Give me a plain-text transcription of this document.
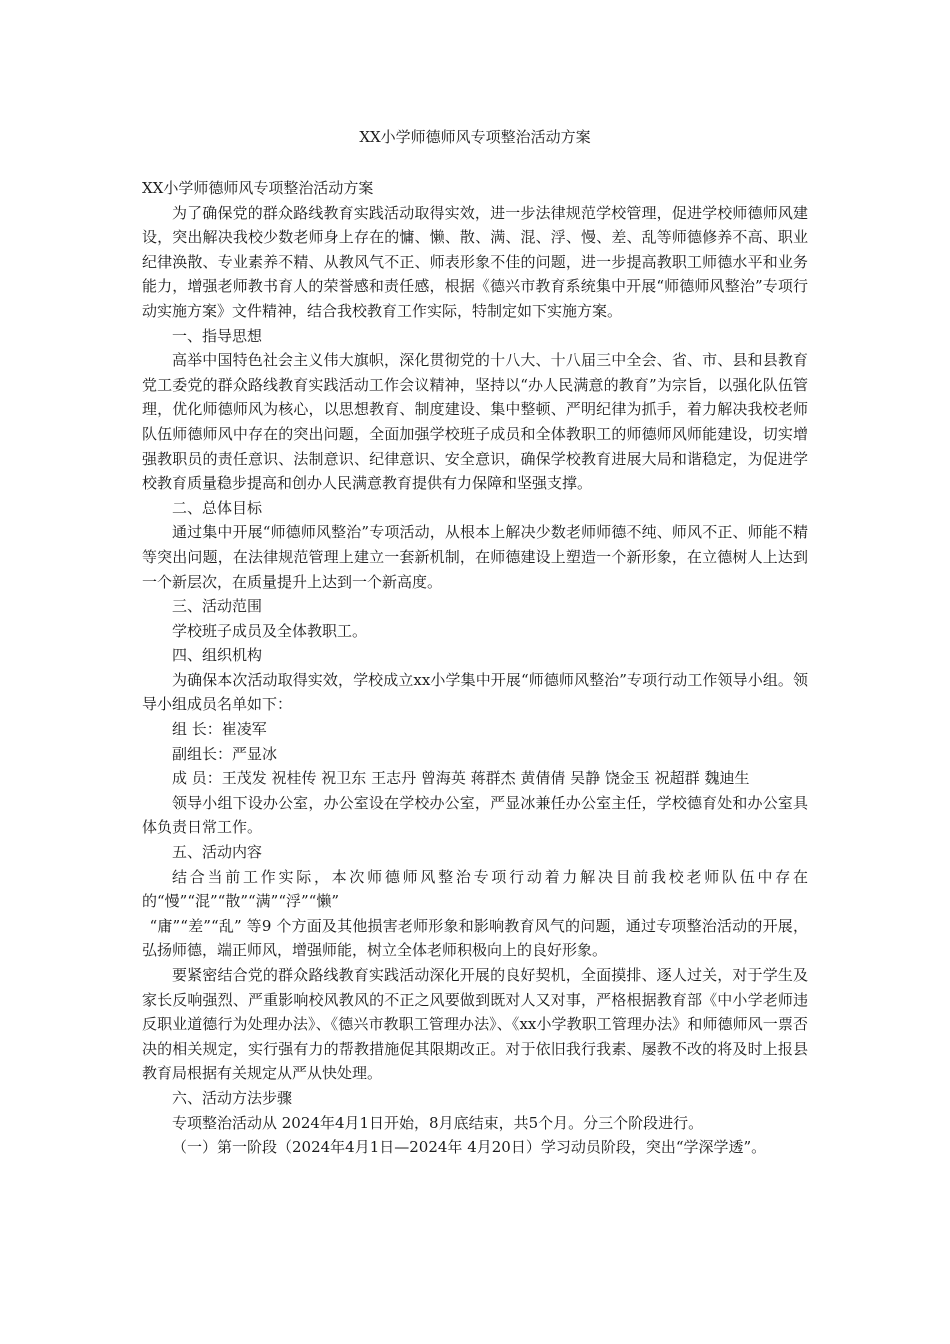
XX小学师德师风专项整治活动方案

XX小学师德师风专项整治活动方案

为了确保党的群众路线教育实践活动取得实效，进一步法律规范学校管理，促进学校师德师风建设，突出解决我校少数老师身上存在的慵、懒、散、满、混、浮、慢、差、乱等师德修养不高、职业纪律涣散、专业素养不精、从教风气不正、师表形象不佳的问题，进一步提高教职工师德水平和业务能力，增强老师教书育人的荣誉感和责任感，根据《德兴市教育系统集中开展“师德师风整治”专项行动实施方案》文件精神，结合我校教育工作实际，特制定如下实施方案。

一、指导思想

高举中国特色社会主义伟大旗帜，深化贯彻党的十八大、十八届三中全会、省、市、县和县教育党工委党的群众路线教育实践活动工作会议精神，坚持以“办人民满意的教育”为宗旨，以强化队伍管理，优化师德师风为核心，以思想教育、制度建设、集中整顿、严明纪律为抓手，着力解决我校老师队伍师德师风中存在的突出问题，全面加强学校班子成员和全体教职工的师德师风师能建设，切实增强教职员的责任意识、法制意识、纪律意识、安全意识，确保学校教育进展大局和谐稳定，为促进学校教育质量稳步提高和创办人民满意教育提供有力保障和坚强支撑。

二、总体目标

通过集中开展“师德师风整治”专项活动，从根本上解决少数老师师德不纯、师风不正、师能不精等突出问题，在法律规范管理上建立一套新机制，在师德建设上塑造一个新形象，在立德树人上达到一个新层次，在质量提升上达到一个新高度。

三、活动范围

学校班子成员及全体教职工。

四、组织机构

为确保本次活动取得实效，学校成立xx小学集中开展“师德师风整治”专项行动工作领导小组。领导小组成员名单如下：

组 长：崔凌军

副组长：严显冰

成 员：王茂发 祝桂传 祝卫东 王志丹 曾海英 蒋群杰 黄倩倩 吴静 饶金玉 祝超群 魏迪生

领导小组下设办公室，办公室设在学校办公室，严显冰兼任办公室主任，学校德育处和办公室具体负责日常工作。

五、活动内容

结合当前工作实际，本次师德师风整治专项行动着力解决目前我校老师队伍中存在的“慢”“混”“散”“满”“浮”“懒”

“庸”“差”“乱” 等9 个方面及其他损害老师形象和影响教育风气的问题，通过专项整治活动的开展，弘扬师德，端正师风，增强师能，树立全体老师积极向上的良好形象。

要紧密结合党的群众路线教育实践活动深化开展的良好契机，全面摸排、逐人过关，对于学生及家长反响强烈、严重影响校风教风的不正之风要做到既对人又对事，严格根据教育部《中小学老师违反职业道德行为处理办法》、《德兴市教职工管理办法》、《xx小学教职工管理办法》和师德师风一票否决的相关规定，实行强有力的帮教措施促其限期改正。对于依旧我行我素、屡教不改的将及时上报县教育局根据有关规定从严从快处理。

六、活动方法步骤

专项整治活动从 2024年4月1日开始，8月底结束，共5个月。分三个阶段进行。

（一）第一阶段（2024年4月1日—2024年 4月20日）学习动员阶段，突出“学深学透”。
